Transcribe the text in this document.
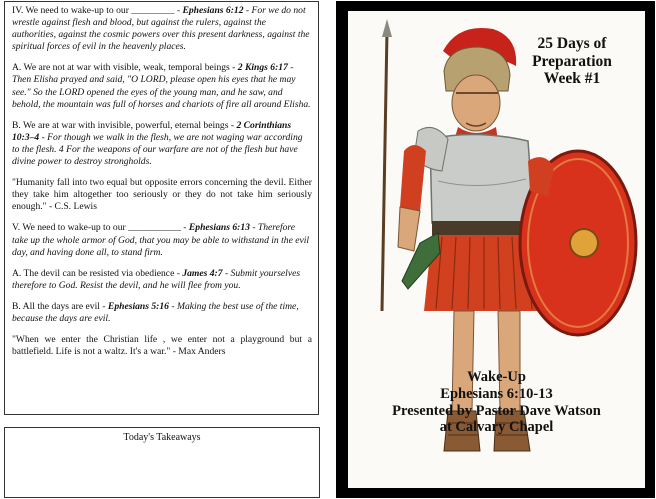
IV. We need to wake-up to our _________ - Ephesians 6:12 - For we do not wrestle against flesh and blood, but against the rulers, against the authorities, against the cosmic powers over this present darkness, against the spiritual forces of evil in the heavenly places.

A. We are not at war with visible, weak, temporal beings - 2 Kings 6:17 - Then Elisha prayed and said, "O LORD, please open his eyes that he may see." So the LORD opened the eyes of the young man, and he saw, and behold, the mountain was full of horses and chariots of fire all around Elisha.

B. We are at war with invisible, powerful, eternal beings - 2 Corinthians 10:3–4 - For though we walk in the flesh, we are not waging war according to the flesh. 4 For the weapons of our warfare are not of the flesh but have divine power to destroy strongholds.

"Humanity fall into two equal but opposite errors concerning the devil. Either they take him altogether too seriously or they do not take him seriously enough." - C.S. Lewis

V. We need to wake-up to our ___________ - Ephesians 6:13 - Therefore take up the whole armor of God, that you may be able to withstand in the evil day, and having done all, to stand firm.

A. The devil can be resisted via obedience - James 4:7 - Submit yourselves therefore to God. Resist the devil, and he will flee from you.

B. All the days are evil - Ephesians 5:16 - Making the best use of the time, because the days are evil.

"When we enter the Christian life , we enter not a playground but a battlefield. Life is not a waltz. It's a war." - Max Anders

Today's Takeaways
25 Days of
Preparation
Week #1
Wake-Up
Ephesians 6:10-13
Presented by Pastor Dave Watson
at Calvary Chapel
